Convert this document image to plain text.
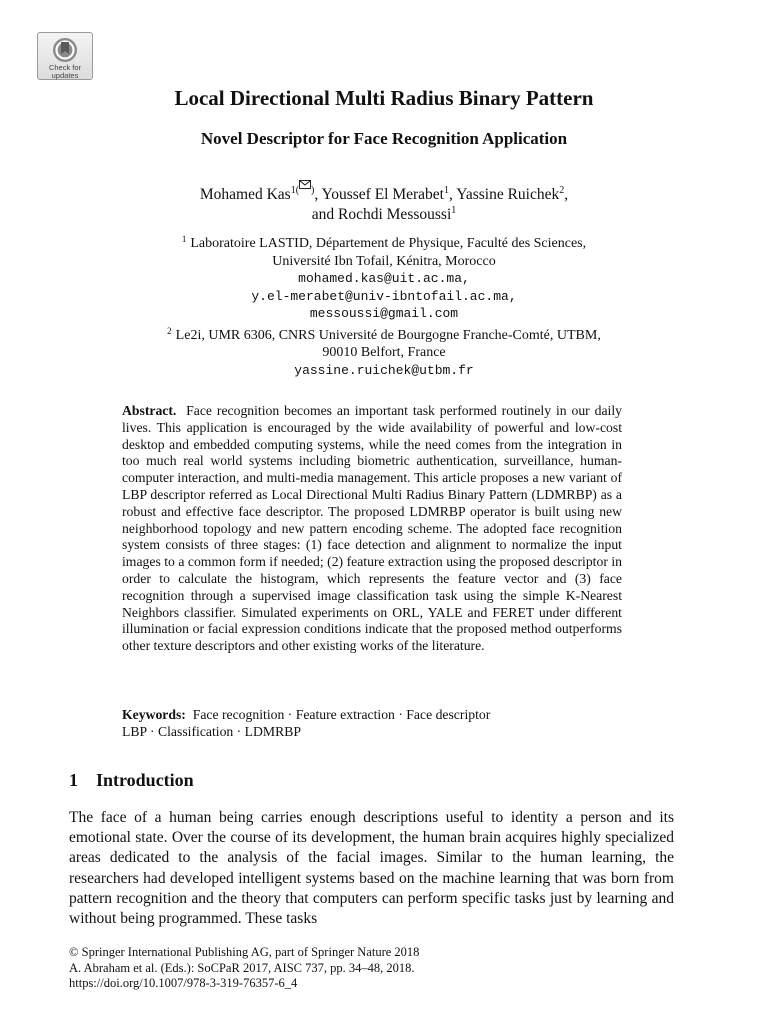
Check for
updates
Local Directional Multi Radius Binary Pattern
Novel Descriptor for Face Recognition Application
Mohamed Kas$^{1( )}$, Youssef El Merabet$^1$, Yassine Ruichek$^2$,
and Rochdi Messoussi$^1$
$^1$ Laboratoire LASTID, Département de Physique, Faculté des Sciences,
Université Ibn Tofail, Kénitra, Morocco
mohamed.kas@uit.ac.ma,
y.el-merabet@univ-ibntofail.ac.ma,
messoussi@gmail.com
$^2$ Le2i, UMR 6306, CNRS Université de Bourgogne Franche-Comté, UTBM,
90010 Belfort, France
yassine.ruichek@utbm.fr
Abstract. Face recognition becomes an important task performed routinely in our daily lives. This application is encouraged by the wide availability of powerful and low-cost desktop and embedded computing systems, while the need comes from the integration in too much real world systems including biometric authentication, surveillance, human-computer interaction, and multi-media management. This article proposes a new variant of LBP descriptor referred as Local Directional Multi Radius Binary Pattern (LDMRBP) as a robust and effective face descriptor. The proposed LDMRBP operator is built using new neighborhood topology and new pattern encoding scheme. The adopted face recognition system consists of three stages: (1) face detection and alignment to normalize the input images to a common form if needed; (2) feature extraction using the proposed descriptor in order to calculate the histogram, which represents the feature vector and (3) face recognition through a supervised image classification task using the simple K-Nearest Neighbors classifier. Simulated experiments on ORL, YALE and FERET under different illumination or facial expression conditions indicate that the proposed method outperforms other texture descriptors and other existing works of the literature.
Keywords: Face recognition · Feature extraction · Face descriptor
LBP · Classification · LDMRBP
1 Introduction
The face of a human being carries enough descriptions useful to identity a person and its emotional state. Over the course of its development, the human brain acquires highly specialized areas dedicated to the analysis of the facial images. Similar to the human learning, the researchers had developed intelligent systems based on the machine learning that was born from pattern recognition and the theory that computers can perform specific tasks just by learning and without being programmed. These tasks
© Springer International Publishing AG, part of Springer Nature 2018
A. Abraham et al. (Eds.): SoCPaR 2017, AISC 737, pp. 34–48, 2018.
https://doi.org/10.1007/978-3-319-76357-6_4
